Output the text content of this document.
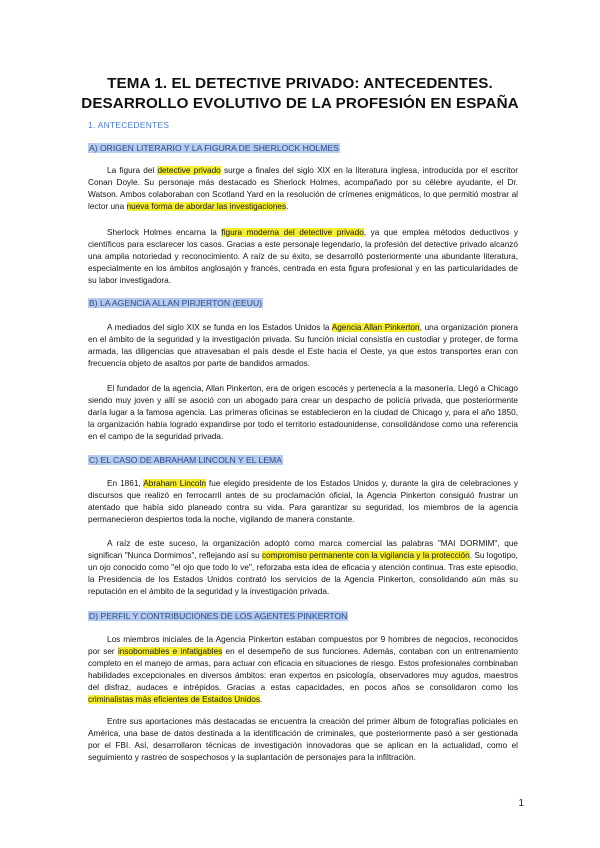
TEMA 1. EL DETECTIVE PRIVADO: ANTECEDENTES.
DESARROLLO EVOLUTIVO DE LA PROFESIÓN EN ESPAÑA

1. ANTECEDENTES

A) ORIGEN LITERARIO Y LA FIGURA DE SHERLOCK HOLMES

La figura del detective privado surge a finales del siglo XIX en la literatura inglesa, introducida por el escritor Conan Doyle. Su personaje más destacado es Sherlock Holmes, acompañado por su célebre ayudante, el Dr. Watson. Ambos colaboraban con Scotland Yard en la resolución de crímenes enigmáticos, lo que permitió mostrar al lector una nueva forma de abordar las investigaciones.

Sherlock Holmes encarna la figura moderna del detective privado, ya que emplea métodos deductivos y científicos para esclarecer los casos. Gracias a este personaje legendario, la profesión del detective privado alcanzó una amplia notoriedad y reconocimiento. A raíz de su éxito, se desarrolló posteriormente una abundante literatura, especialmente en los ámbitos anglosajón y francés, centrada en esta figura profesional y en las particularidades de su labor investigadora.

B) LA AGENCIA ALLAN PIRJERTON (EEUU)

A mediados del siglo XIX se funda en los Estados Unidos la Agencia Allan Pinkerton, una organización pionera en el ámbito de la seguridad y la investigación privada. Su función inicial consistía en custodiar y proteger, de forma armada, las diligencias que atravesaban el país desde el Este hacia el Oeste, ya que estos transportes eran con frecuencia objeto de asaltos por parte de bandidos armados.

El fundador de la agencia, Allan Pinkerton, era de origen escocés y pertenecía a la masonería. Llegó a Chicago siendo muy joven y allí se asoció con un abogado para crear un despacho de policía privada, que posteriormente daría lugar a la famosa agencia. Las primeras oficinas se establecieron en la ciudad de Chicago y, para el año 1850, la organización había logrado expandirse por todo el territorio estadounidense, consolidándose como una referencia en el campo de la seguridad privada.

C) EL CASO DE ABRAHAM LINCOLN Y EL LEMA

En 1861, Abraham Lincoln fue elegido presidente de los Estados Unidos y, durante la gira de celebraciones y discursos que realizó en ferrocarril antes de su proclamación oficial, la Agencia Pinkerton consiguió frustrar un atentado que había sido planeado contra su vida. Para garantizar su seguridad, los miembros de la agencia permanecieron despiertos toda la noche, vigilando de manera constante.

A raíz de este suceso, la organización adoptó como marca comercial las palabras "MAI DORMIM", que significan "Nunca Dormimos", reflejando así su compromiso permanente con la vigilancia y la protección. Su logotipo, un ojo conocido como "el ojo que todo lo ve", reforzaba esta idea de eficacia y atención continua. Tras este episodio, la Presidencia de los Estados Unidos contrató los servicios de la Agencia Pinkerton, consolidando aún más su reputación en el ámbito de la seguridad y la investigación privada.

D) PERFIL Y CONTRIBUCIONES DE LOS AGENTES PINKERTON

Los miembros iniciales de la Agencia Pinkerton estaban compuestos por 9 hombres de negocios, reconocidos por ser insobornables e infatigables en el desempeño de sus funciones. Además, contaban con un entrenamiento completo en el manejo de armas, para actuar con eficacia en situaciones de riesgo. Estos profesionales combinaban habilidades excepcionales en diversos ámbitos: eran expertos en psicología, observadores muy agudos, maestros del disfraz, audaces e intrépidos. Gracias a estas capacidades, en pocos años se consolidaron como los criminalistas más eficientes de Estados Unidos.

Entre sus aportaciones más destacadas se encuentra la creación del primer álbum de fotografías policiales en América, una base de datos destinada a la identificación de criminales, que posteriormente pasó a ser gestionada por el FBI. Así, desarrollaron técnicas de investigación innovadoras que se aplican en la actualidad, como el seguimiento y rastreo de sospechosos y la suplantación de personajes para la infiltración.

1
